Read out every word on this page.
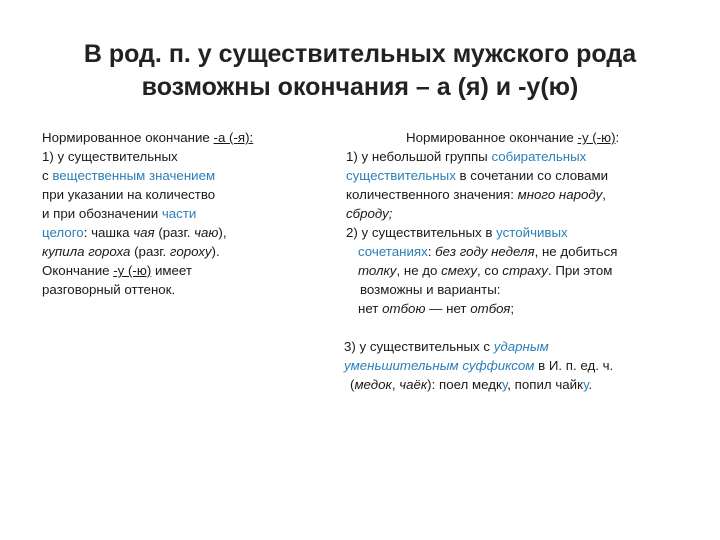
В род. п. у существительных мужского рода
возможны окончания – а (я) и -у(ю)
Нормированное окончание -а (-я):
1) у существительных
с вещественным значением
при указании на количество
и при обозначении части
целого: чашка чая (разг. чаю),
купила гороха (разг. гороху).
Окончание -у (-ю) имеет
разговорный оттенок.
Нормированное окончание -у (-ю):
1) у небольшой группы собирательных
существительных в сочетании со словами
количественного значения: много народу,
сброду;
2) у существительных в устойчивых
сочетаниях: без году неделя, не добиться
толку, не до смеху, со страху. При этом
возможны и варианты:
нет отбою — нет отбоя;
3) у существительных с ударным
уменьшительным суффиксом в И. п. ед. ч.
(медок, чаёк): поел медку, попил чайку.
